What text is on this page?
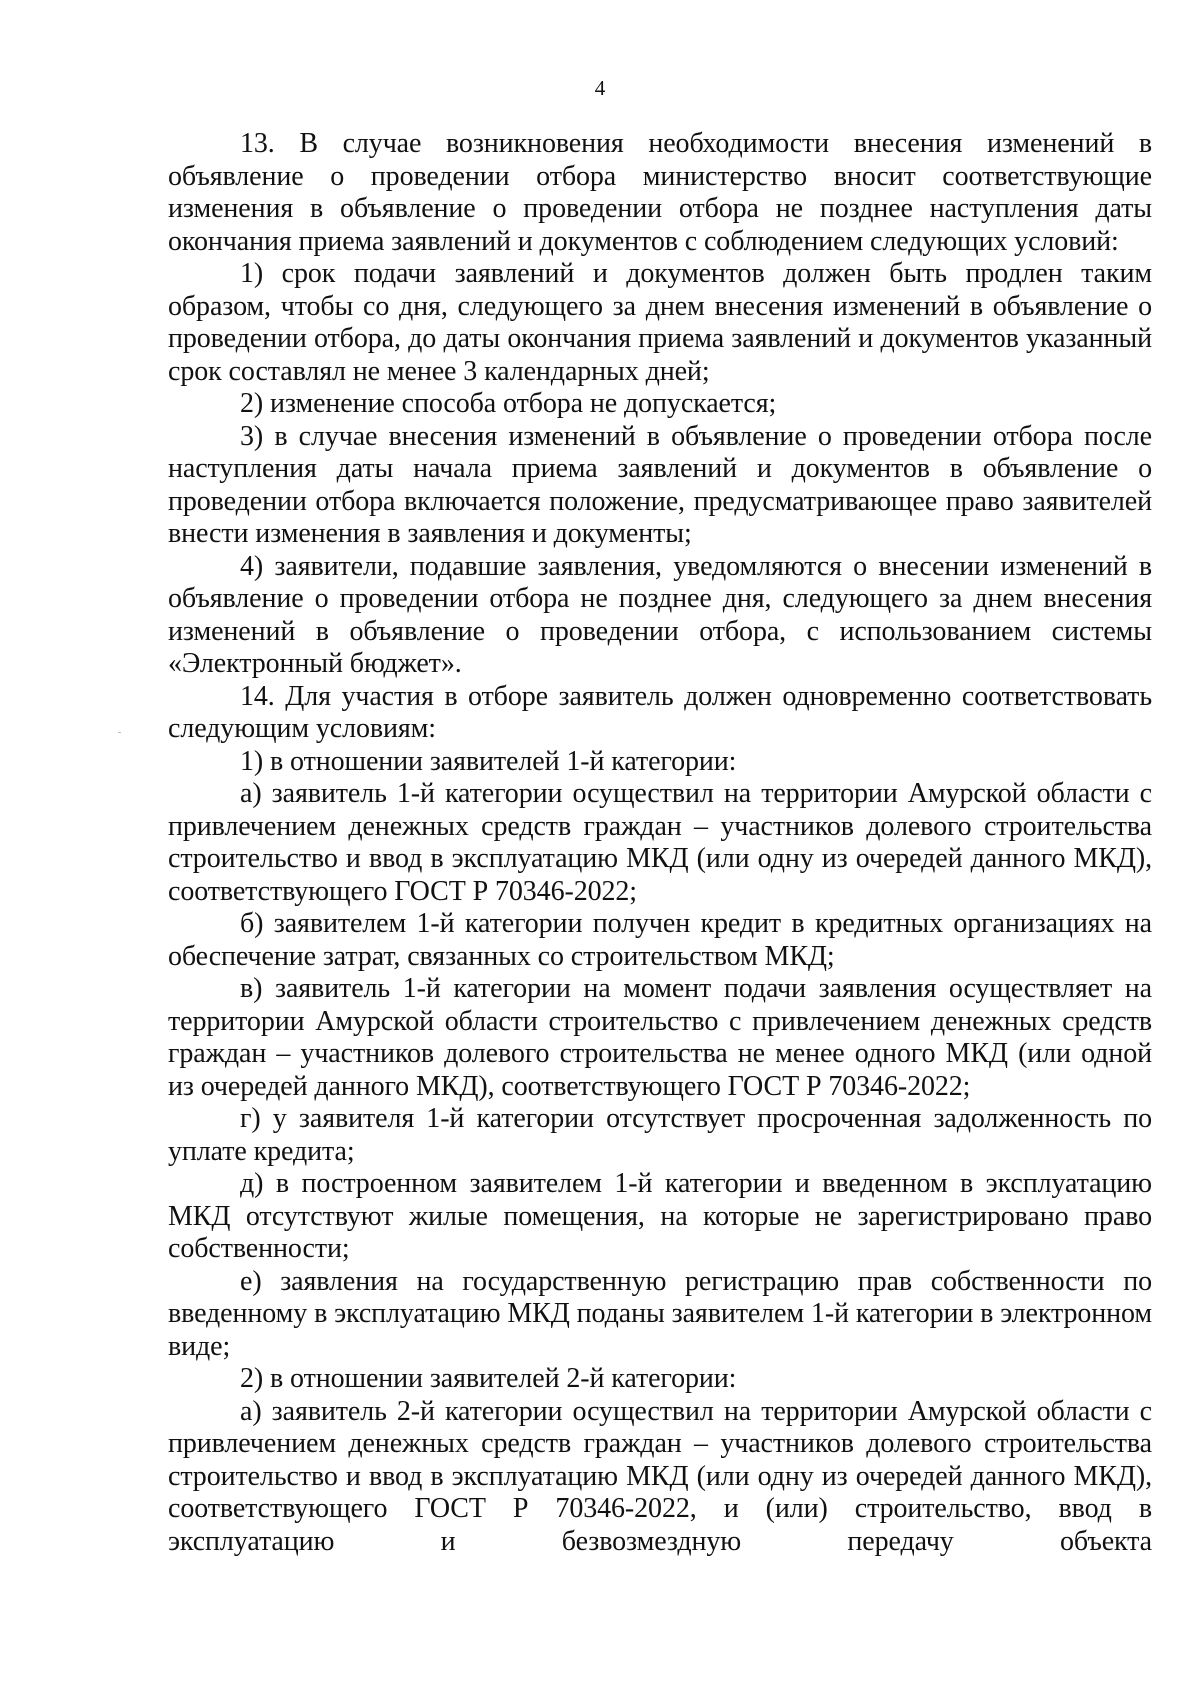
4

13. В случае возникновения необходимости внесения изменений в объявление о проведении отбора министерство вносит соответствующие изменения в объявление о проведении отбора не позднее наступления даты окончания приема заявлений и документов с соблюдением следующих условий:

1) срок подачи заявлений и документов должен быть продлен таким образом, чтобы со дня, следующего за днем внесения изменений в объявление о проведении отбора, до даты окончания приема заявлений и документов указанный срок составлял не менее 3 календарных дней;

2) изменение способа отбора не допускается;

3) в случае внесения изменений в объявление о проведении отбора после наступления даты начала приема заявлений и документов в объявление о проведении отбора включается положение, предусматривающее право заявителей внести изменения в заявления и документы;

4) заявители, подавшие заявления, уведомляются о внесении изменений в объявление о проведении отбора не позднее дня, следующего за днем внесения изменений в объявление о проведении отбора, с использованием системы «Электронный бюджет».

14. Для участия в отборе заявитель должен одновременно соответствовать следующим условиям:

1) в отношении заявителей 1-й категории:

а) заявитель 1-й категории осуществил на территории Амурской области с привлечением денежных средств граждан – участников долевого строительства строительство и ввод в эксплуатацию МКД (или одну из очередей данного МКД), соответствующего ГОСТ Р 70346-2022;

б) заявителем 1-й категории получен кредит в кредитных организациях на обеспечение затрат, связанных со строительством МКД;

в) заявитель 1-й категории на момент подачи заявления осуществляет на территории Амурской области строительство с привлечением денежных средств граждан – участников долевого строительства не менее одного МКД (или одной из очередей данного МКД), соответствующего ГОСТ Р 70346-2022;

г) у заявителя 1-й категории отсутствует просроченная задолженность по уплате кредита;

д) в построенном заявителем 1-й категории и введенном в эксплуатацию МКД отсутствуют жилые помещения, на которые не зарегистрировано право собственности;

е) заявления на государственную регистрацию прав собственности по введенному в эксплуатацию МКД поданы заявителем 1-й категории в электронном виде;

2) в отношении заявителей 2-й категории:

а) заявитель 2-й категории осуществил на территории Амурской области с привлечением денежных средств граждан – участников долевого строительства строительство и ввод в эксплуатацию МКД (или одну из очередей данного МКД), соответствующего ГОСТ Р 70346-2022, и (или) строительство, ввод в эксплуатацию и безвозмездную передачу объекта
